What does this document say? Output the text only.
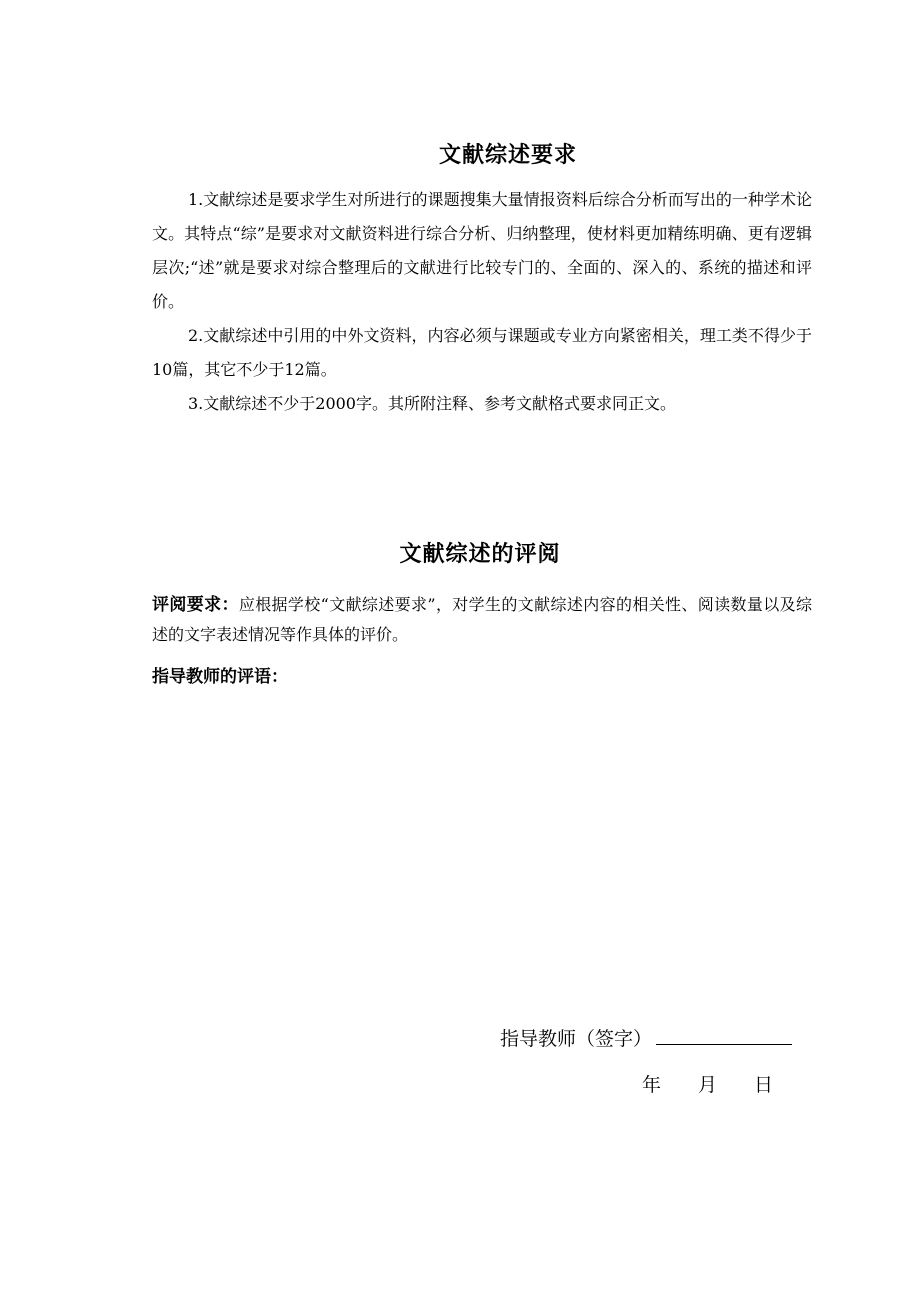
文献综述要求

1.文献综述是要求学生对所进行的课题搜集大量情报资料后综合分析而写出的一种学术论文。其特点“综”是要求对文献资料进行综合分析、归纳整理，使材料更加精练明确、更有逻辑层次;“述”就是要求对综合整理后的文献进行比较专门的、全面的、深入的、系统的描述和评价。

2.文献综述中引用的中外文资料，内容必须与课题或专业方向紧密相关，理工类不得少于10篇，其它不少于12篇。

3.文献综述不少于2000字。其所附注释、参考文献格式要求同正文。

文献综述的评阅

评阅要求：应根据学校“文献综述要求”，对学生的文献综述内容的相关性、阅读数量以及综述的文字表述情况等作具体的评价。

指导教师的评语：
指导教师（签字）
年 月 日
